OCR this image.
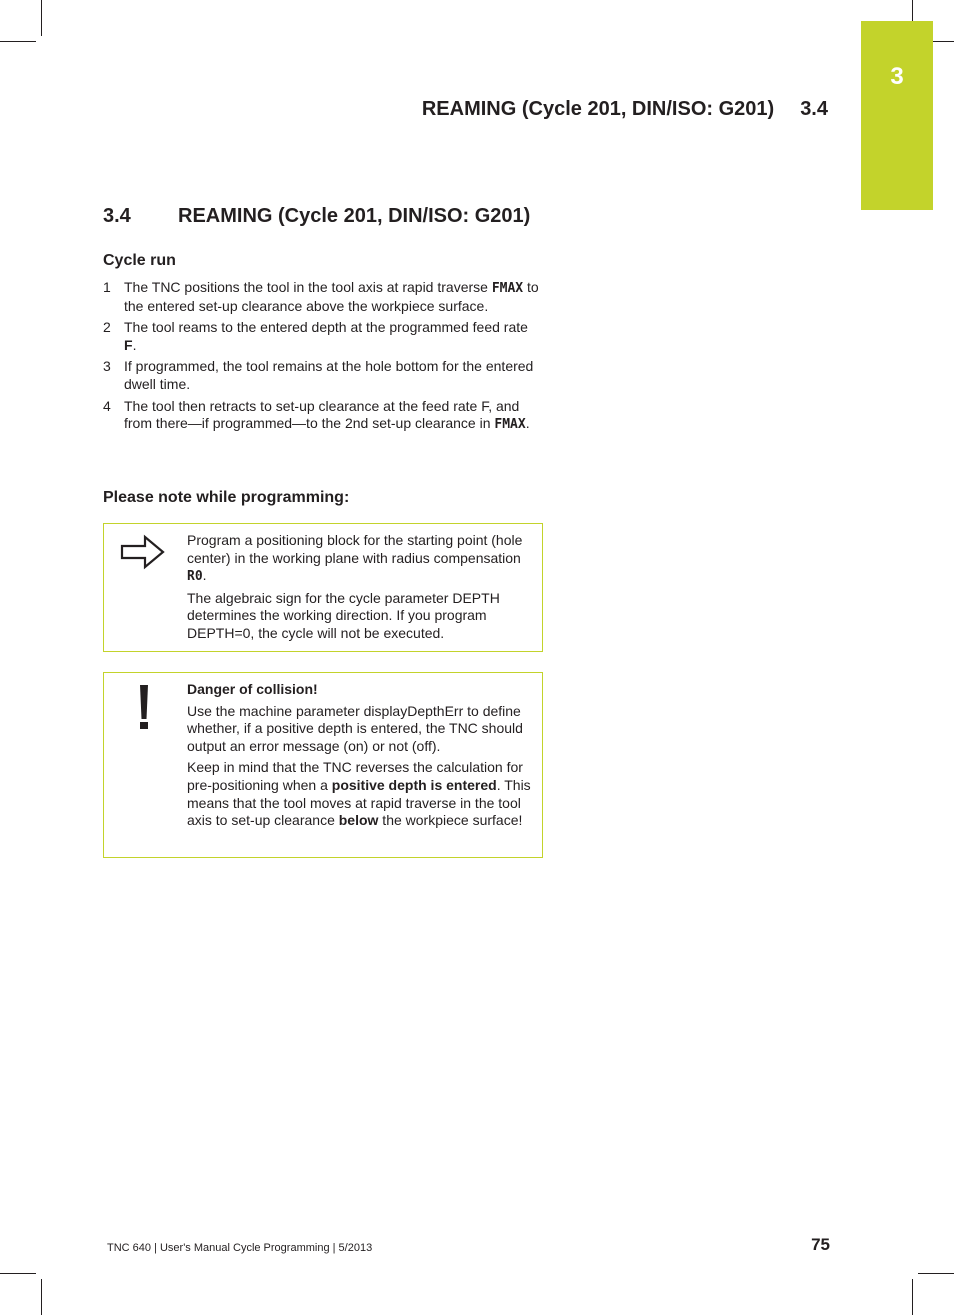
3
REAMING (Cycle 201, DIN/ISO: G201) 3.4
3.4 REAMING (Cycle 201, DIN/ISO: G201)
Cycle run
1 The TNC positions the tool in the tool axis at rapid traverse FMAX to the entered set-up clearance above the workpiece surface.
2 The tool reams to the entered depth at the programmed feed rate F.
3 If programmed, the tool remains at the hole bottom for the entered dwell time.
4 The tool then retracts to set-up clearance at the feed rate F, and from there—if programmed—to the 2nd set-up clearance in FMAX.
Please note while programming:

Program a positioning block for the starting point (hole center) in the working plane with radius compensation R0.

The algebraic sign for the cycle parameter DEPTH determines the working direction. If you program DEPTH=0, the cycle will not be executed.

Danger of collision!

Use the machine parameter displayDepthErr to define whether, if a positive depth is entered, the TNC should output an error message (on) or not (off).

Keep in mind that the TNC reverses the calculation for pre-positioning when a positive depth is entered. This means that the tool moves at rapid traverse in the tool axis to set-up clearance below the workpiece surface!

TNC 640 | User's Manual Cycle Programming | 5/2013	75
